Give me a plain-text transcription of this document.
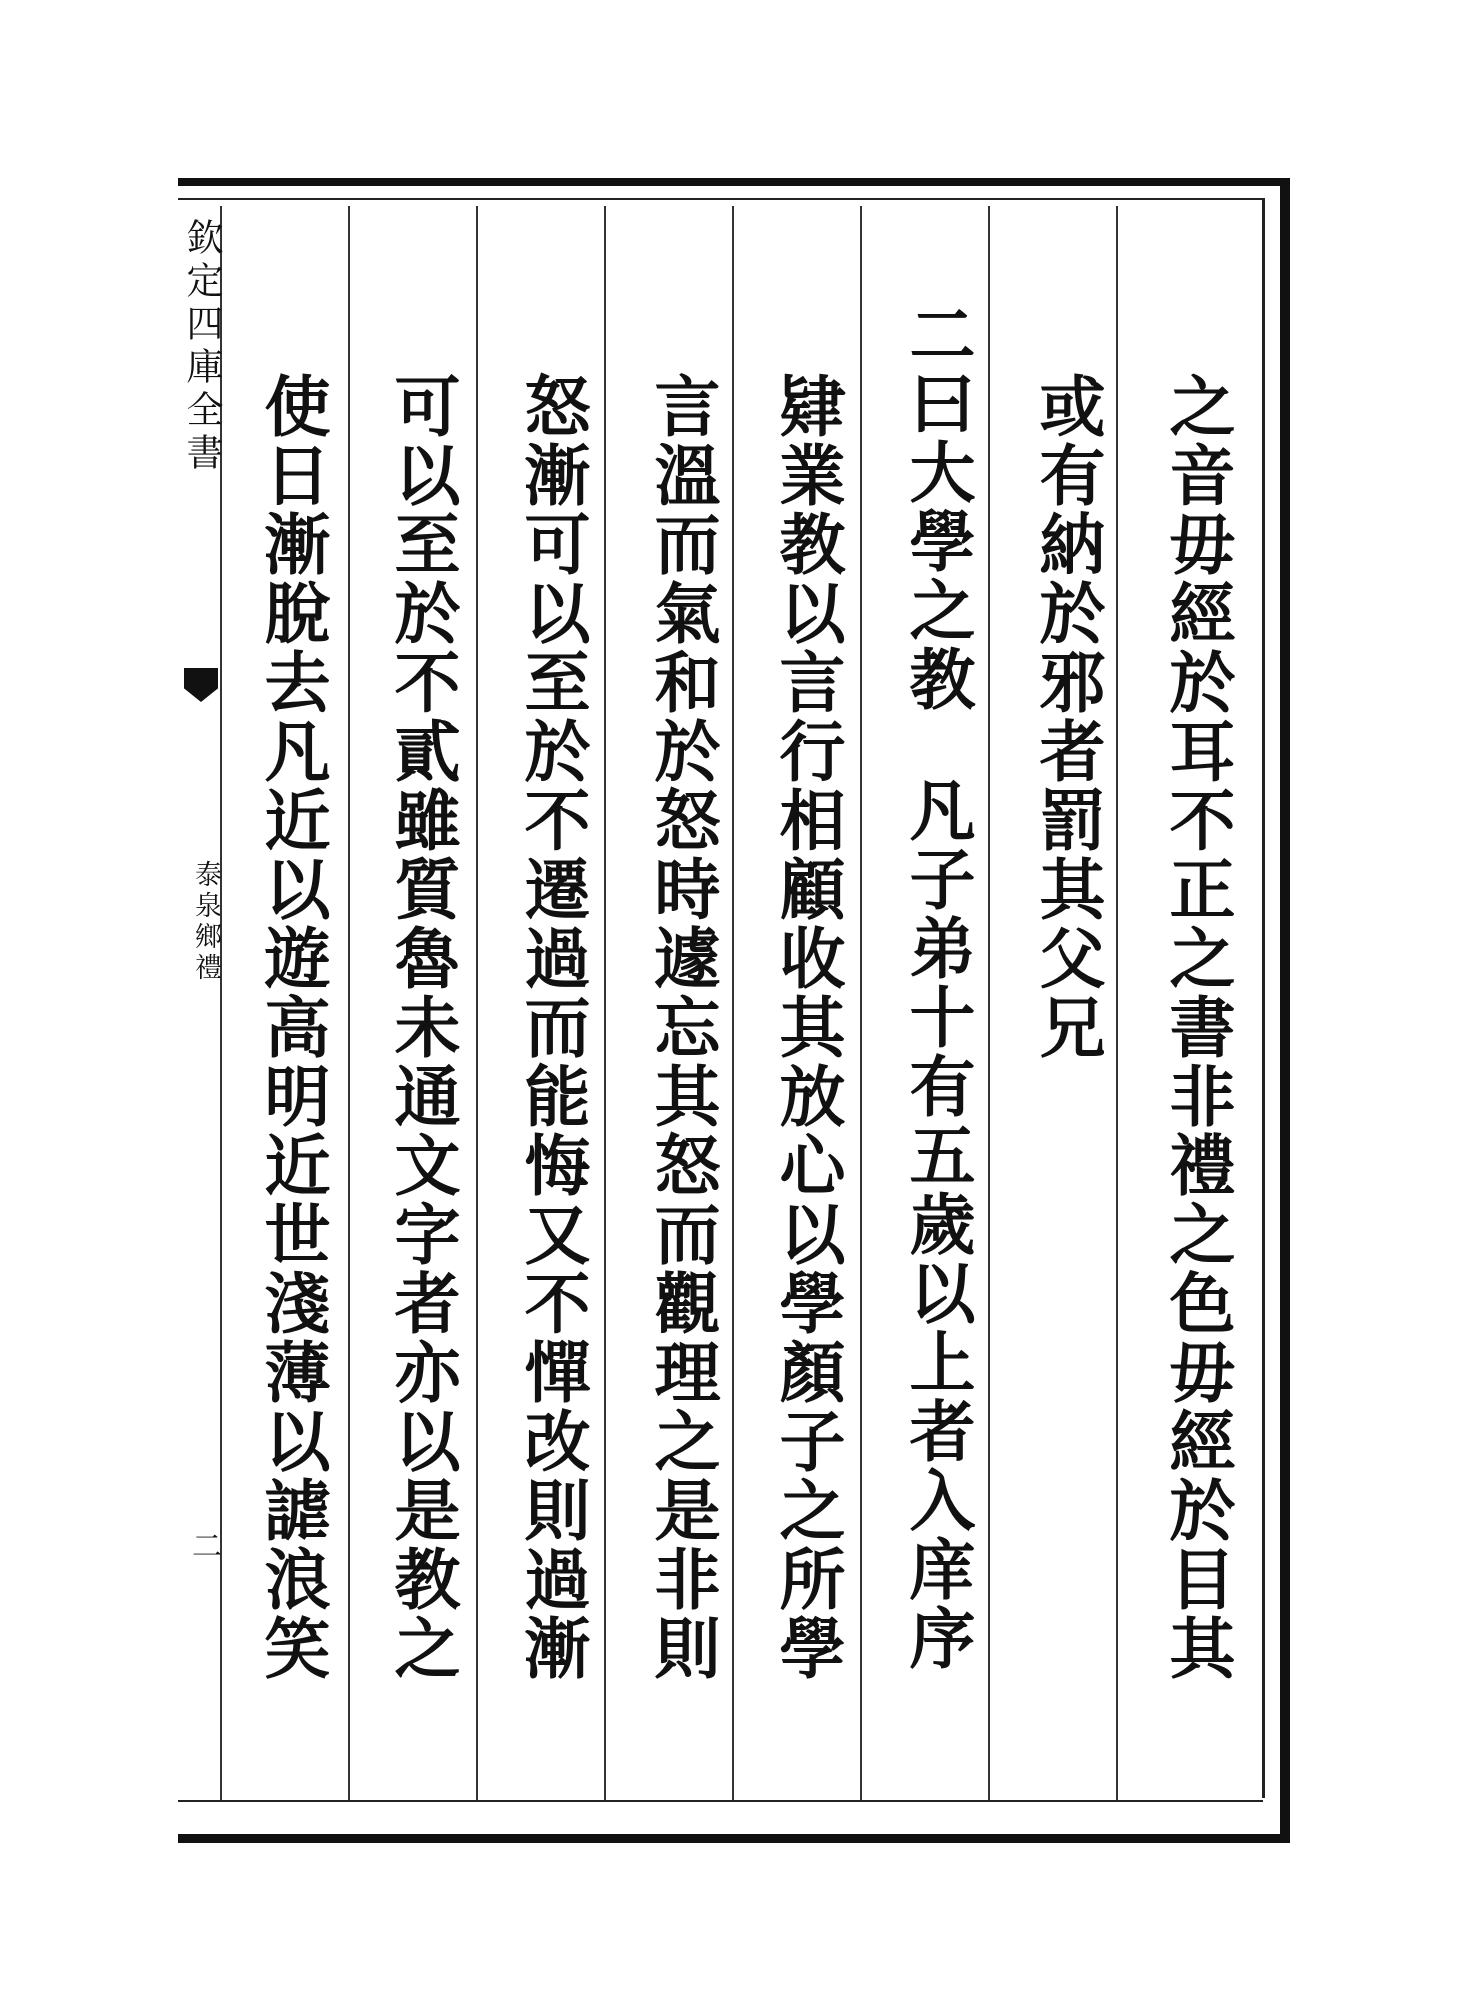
欽定四庫全書
泰泉鄉禮
二	之音毋經於耳不正之書非禮之色毋經於目其
或有納於邪者罰其父兄
二曰大學之教凡子弟十有五歲以上者入庠序
肄業教以言行相顧收其放心以學顏子之所學
言溫而氣和於怒時遽忘其怒而觀理之是非則
怒漸可以至於不遷過而能悔又不憚改則過漸
可以至於不貳雖質魯未通文字者亦以是教之
使日漸脫去凡近以遊高明近世淺薄以謔浪笑
